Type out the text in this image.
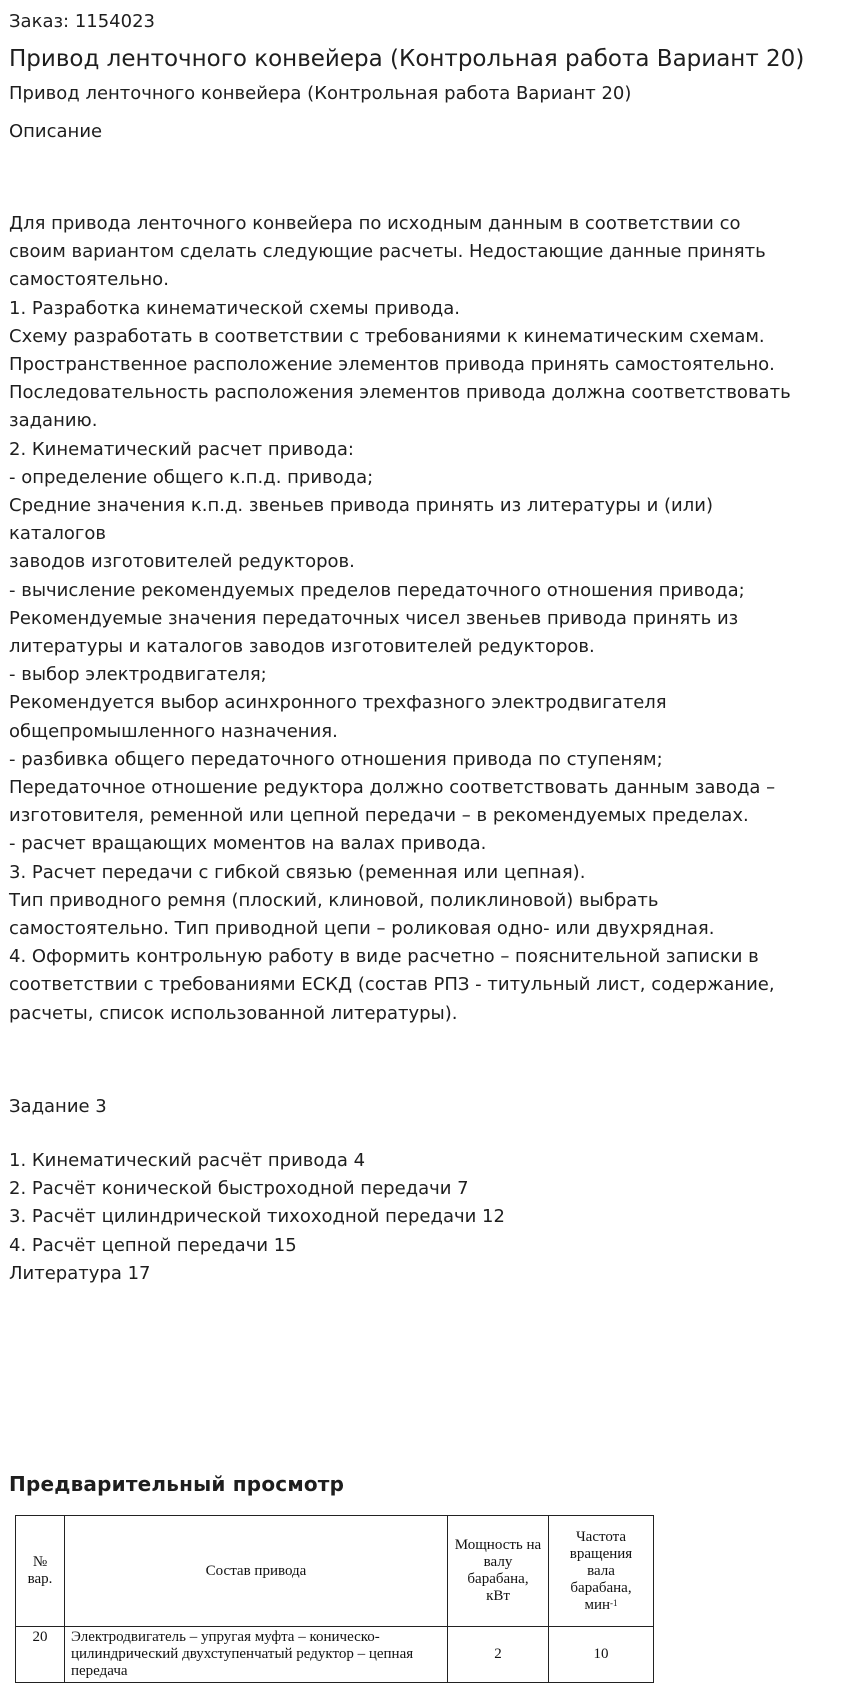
Заказ: 1154023
Привод ленточного конвейера (Контрольная работа Вариант 20)
Привод ленточного конвейера (Контрольная работа Вариант 20)
Описание
Для привода ленточного конвейера по исходным данным в соответствии со
своим вариантом сделать следующие расчеты. Недостающие данные принять
самостоятельно.
1. Разработка кинематической схемы привода.
Схему разработать в соответствии с требованиями к кинематическим схемам.
Пространственное расположение элементов привода принять самостоятельно.
Последовательность расположения элементов привода должна соответствовать
заданию.
2. Кинематический расчет привода:
- определение общего к.п.д. привода;
Средние значения к.п.д. звеньев привода принять из литературы и (или)
каталогов
заводов изготовителей редукторов.
- вычисление рекомендуемых пределов передаточного отношения привода;
Рекомендуемые значения передаточных чисел звеньев привода принять из
литературы и каталогов заводов изготовителей редукторов.
- выбор электродвигателя;
Рекомендуется выбор асинхронного трехфазного электродвигателя
общепромышленного назначения.
- разбивка общего передаточного отношения привода по ступеням;
Передаточное отношение редуктора должно соответствовать данным завода –
изготовителя, ременной или цепной передачи – в рекомендуемых пределах.
- расчет вращающих моментов на валах привода.
3. Расчет передачи с гибкой связью (ременная или цепная).
Тип приводного ремня (плоский, клиновой, поликлиновой) выбрать
самостоятельно. Тип приводной цепи – роликовая одно- или двухрядная.
4. Оформить контрольную работу в виде расчетно – пояснительной записки в
соответствии с требованиями ЕСКД (состав РПЗ - титульный лист, содержание,
расчеты, список использованной литературы).
Задание 3
1. Кинематический расчёт привода 4
2. Расчёт конической быстроходной передачи 7
3. Расчёт цилиндрической тихоходной передачи 12
4. Расчёт цепной передачи 15
Литература 17
Предварительный просмотр
№ вар.	Состав привода	Мощность на валу барабана, кВт	Частота вращения вала барабана, мин$^{-1}$
20	Электродвигатель – упругая муфта – коническо-цилиндрический двухступенчатый редуктор – цепная передача	2	10
